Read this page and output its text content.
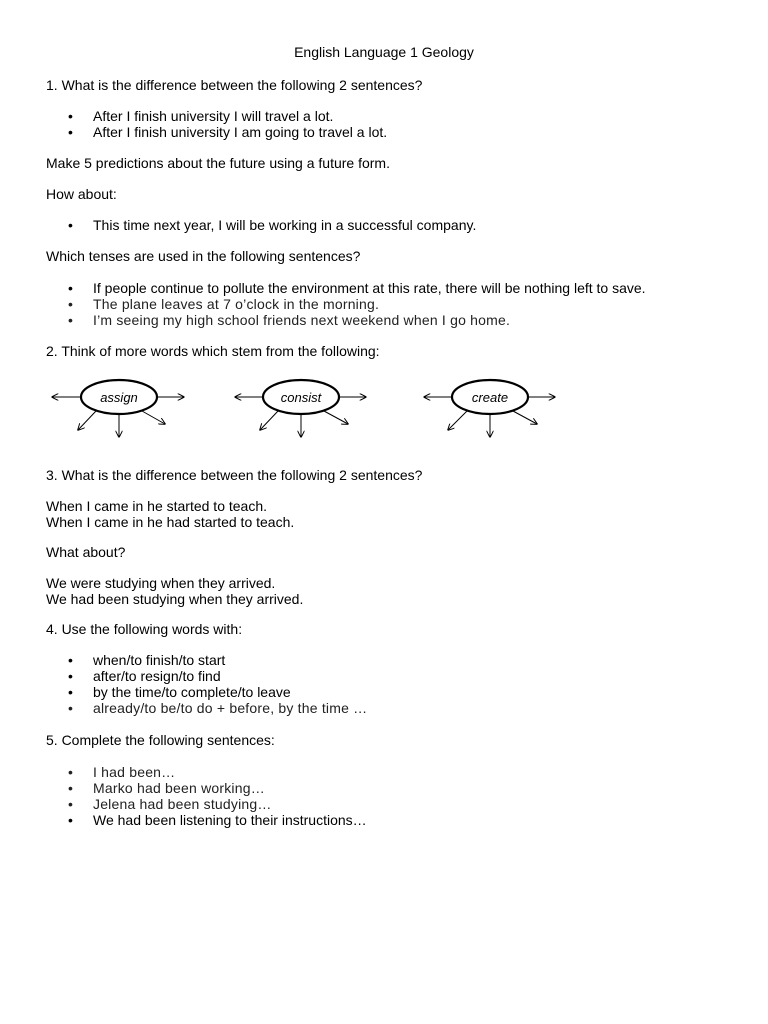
English Language 1 Geology
1. What is the difference between the following 2 sentences?
• After I finish university I will travel a lot.
• After I finish university I am going to travel a lot.
Make 5 predictions about the future using a future form.
How about:
• This time next year, I will be working in a successful company.
Which tenses are used in the following sentences?
• If people continue to pollute the environment at this rate, there will be nothing left to save.
• The plane leaves at 7 o’clock in the morning.
• I’m seeing my high school friends next weekend when I go home.
2. Think of more words which stem from the following:
assign	consist	create
3. What is the difference between the following 2 sentences?
When I came in he started to teach.
When I came in he had started to teach.
What about?
We were studying when they arrived.
We had been studying when they arrived.
4. Use the following words with:
• when/to finish/to start
• after/to resign/to find
• by the time/to complete/to leave
• already/to be/to do + before, by the time …
5. Complete the following sentences:
• I had been…
• Marko had been working…
• Jelena had been studying…
• We had been listening to their instructions…
